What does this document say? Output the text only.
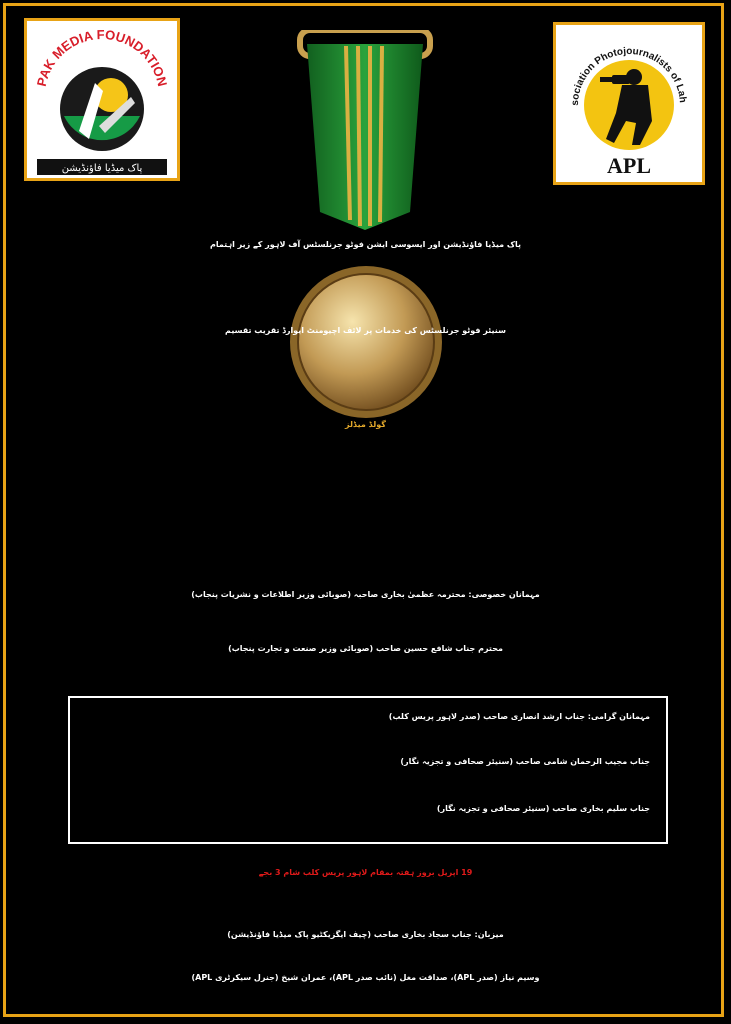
PAK MEDIA FOUNDATION
پاک میڈیا فاؤنڈیشن
sociation Photojournalists of Lah
APL
پاک میڈیا فاؤنڈیشن اور ایسوسی ایشن فوٹو جرنلسٹس آف لاہور کے زیر اہتمام
سنیئر فوٹو جرنلسٹس کی خدمات پر لائف اچیومنٹ ایوارڈ تقریب تقسیم
گولڈ میڈلز
مہمانان خصوصی: محترمہ عظمیٰ بخاری صاحبہ (صوبائی وزیر اطلاعات و نشریات پنجاب)
محترم جناب شافع حسین صاحب (صوبائی وزیر صنعت و تجارت پنجاب)
مہمانان گرامی: جناب ارشد انصاری صاحب (صدر لاہور پریس کلب)
جناب مجیب الرحمان شامی صاحب (سنیئر صحافی و تجزیہ نگار)
جناب سلیم بخاری صاحب (سنیئر صحافی و تجزیہ نگار)
19 اپریل بروز ہفتہ بمقام لاہور پریس کلب شام 3 بجے
میزبان: جناب سجاد بخاری صاحب (چیف ایگزیکٹیو پاک میڈیا فاؤنڈیشن)
وسیم نیاز (صدر APL)، صداقت مغل (نائب صدر APL)، عمران شیخ (جنرل سیکرٹری APL)
